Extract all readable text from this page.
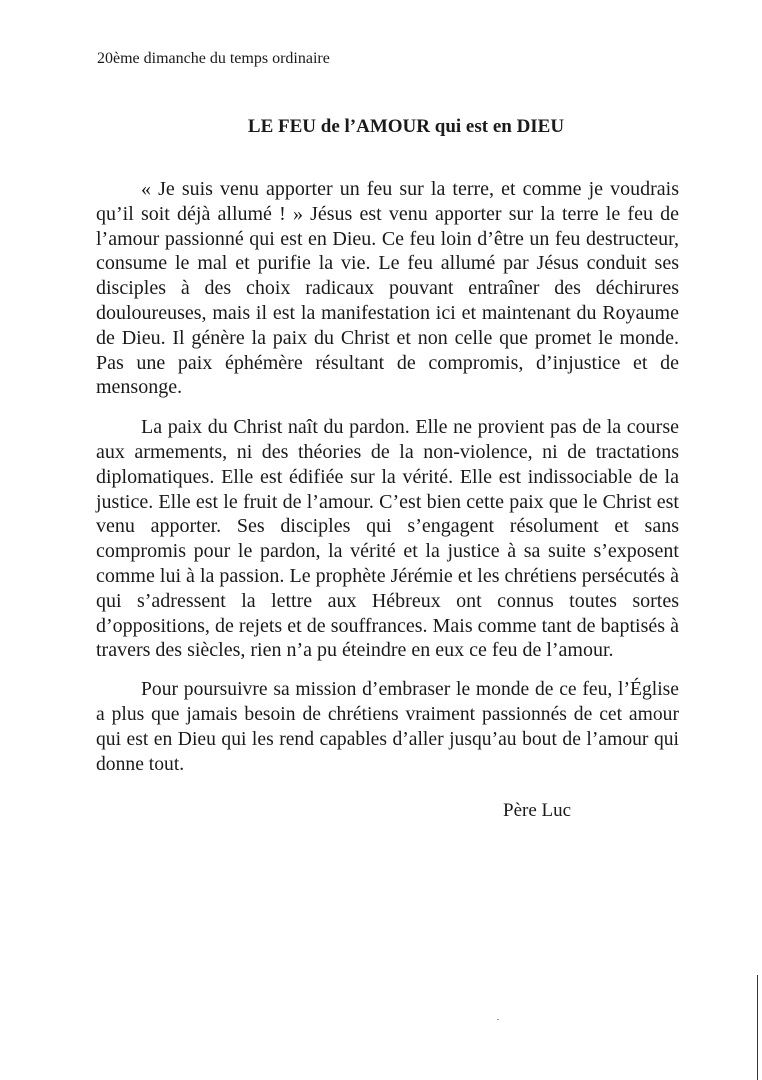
20ème dimanche du temps ordinaire
LE FEU de l’AMOUR qui est en DIEU

« Je suis venu apporter un feu sur la terre, et comme je voudrais qu’il soit déjà allumé ! » Jésus est venu apporter sur la terre le feu de l’amour passionné qui est en Dieu. Ce feu loin d’être un feu destructeur, consume le mal et purifie la vie. Le feu allumé par Jésus conduit ses disciples à des choix radicaux pouvant entraîner des déchirures douloureuses, mais il est la manifestation ici et maintenant du Royaume de Dieu. Il génère la paix du Christ et non celle que promet le monde. Pas une paix éphémère résultant de compromis, d’injustice et de mensonge.

La paix du Christ naît du pardon. Elle ne provient pas de la course aux armements, ni des théories de la non-violence, ni de tractations diplomatiques. Elle est édifiée sur la vérité. Elle est indissociable de la justice. Elle est le fruit de l’amour. C’est bien cette paix que le Christ est venu apporter. Ses disciples qui s’engagent résolument et sans compromis pour le pardon, la vérité et la justice à sa suite s’exposent comme lui à la passion. Le prophète Jérémie et les chrétiens persécutés à qui s’adressent la lettre aux Hébreux ont connus toutes sortes d’oppositions, de rejets et de souffrances. Mais comme tant de baptisés à travers des siècles, rien n’a pu éteindre en eux ce feu de l’amour.

Pour poursuivre sa mission d’embraser le monde de ce feu, l’Église a plus que jamais besoin de chrétiens vraiment passionnés de cet amour qui est en Dieu qui les rend capables d’aller jusqu’au bout de l’amour qui donne tout.

Père Luc
